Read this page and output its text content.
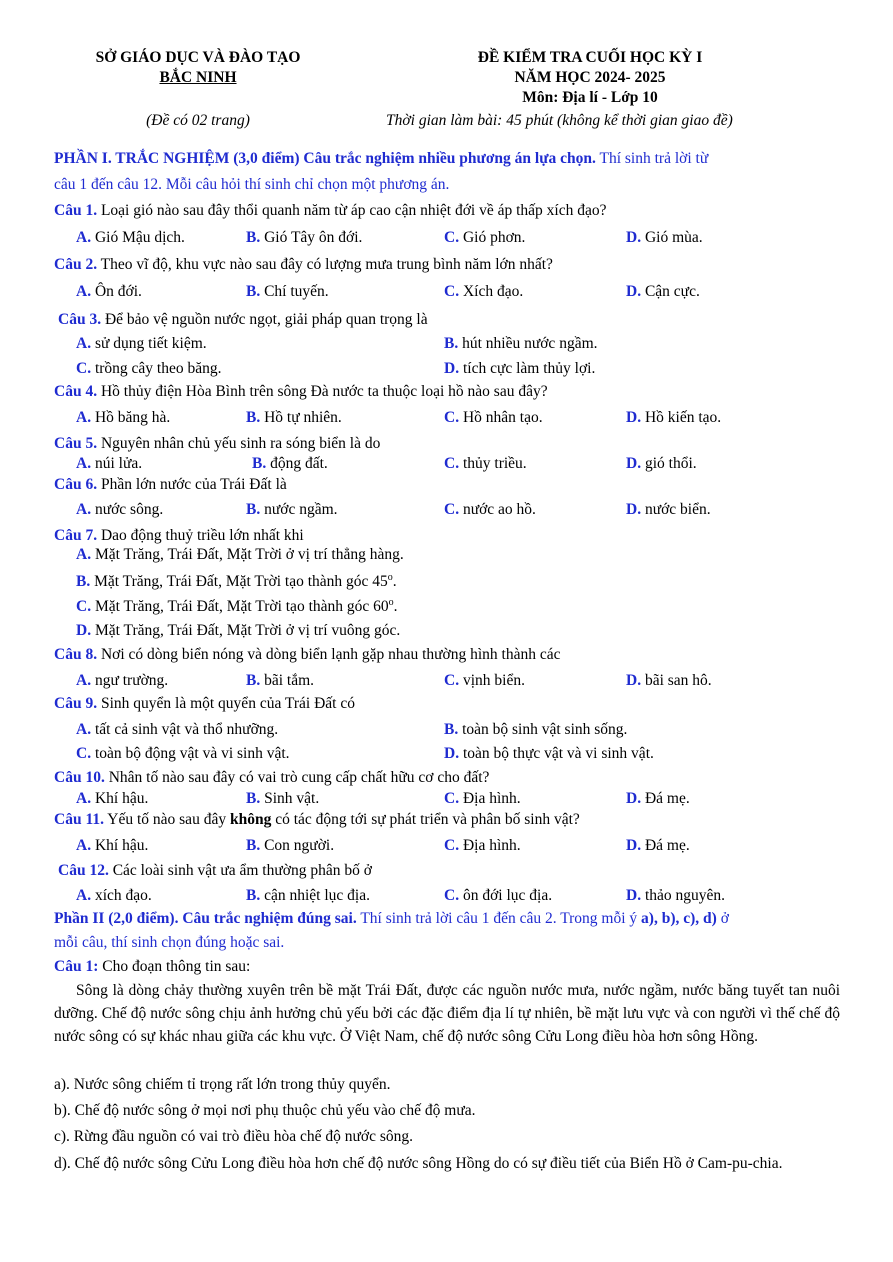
SỞ GIÁO DỤC VÀ ĐÀO TẠO
BẮC NINH
ĐỀ KIỂM TRA CUỐI HỌC KỲ I
NĂM HỌC 2024- 2025
Môn: Địa lí - Lớp 10
(Đề có 02 trang)	Thời gian làm bài: 45 phút (không kể thời gian giao đề)
PHẦN I. TRẮC NGHIỆM (3,0 điểm) Câu trắc nghiệm nhiều phương án lựa chọn. Thí sinh trả lời từ
câu 1 đến câu 12. Mỗi câu hỏi thí sinh chỉ chọn một phương án.
Câu 1. Loại gió nào sau đây thổi quanh năm từ áp cao cận nhiệt đới về áp thấp xích đạo?
A. Gió Mậu dịch.	B. Gió Tây ôn đới.	C. Gió phơn.	D. Gió mùa.
Câu 2. Theo vĩ độ, khu vực nào sau đây có lượng mưa trung bình năm lớn nhất?
A. Ôn đới.	B. Chí tuyến.	C. Xích đạo.	D. Cận cực.
Câu 3. Để bảo vệ nguồn nước ngọt, giải pháp quan trọng là
A. sử dụng tiết kiệm.	B. hút nhiều nước ngầm.
C. trồng cây theo băng.	D. tích cực làm thủy lợi.
Câu 4. Hồ thủy điện Hòa Bình trên sông Đà nước ta thuộc loại hồ nào sau đây?
A. Hồ băng hà.	B. Hồ tự nhiên.	C. Hồ nhân tạo.	D. Hồ kiến tạo.
Câu 5. Nguyên nhân chủ yếu sinh ra sóng biển là do
A. núi lửa.	B. động đất.	C. thủy triều.	D. gió thổi.
Câu 6. Phần lớn nước của Trái Đất là
A. nước sông.	B. nước ngầm.	C. nước ao hồ.	D. nước biển.
Câu 7. Dao động thuỷ triều lớn nhất khi
A. Mặt Trăng, Trái Đất, Mặt Trời ở vị trí thẳng hàng.
B. Mặt Trăng, Trái Đất, Mặt Trời tạo thành góc 45$^o$.
C. Mặt Trăng, Trái Đất, Mặt Trời tạo thành góc 60$^o$.
D. Mặt Trăng, Trái Đất, Mặt Trời ở vị trí vuông góc.
Câu 8. Nơi có dòng biển nóng và dòng biển lạnh gặp nhau thường hình thành các
A. ngư trường.	B. bãi tắm.	C. vịnh biển.	D. bãi san hô.
Câu 9. Sinh quyển là một quyển của Trái Đất có
A. tất cả sinh vật và thổ nhưỡng.	B. toàn bộ sinh vật sinh sống.
C. toàn bộ động vật và vi sinh vật.	D. toàn bộ thực vật và vi sinh vật.
Câu 10. Nhân tố nào sau đây có vai trò cung cấp chất hữu cơ cho đất?
A. Khí hậu.	B. Sinh vật.	C. Địa hình.	D. Đá mẹ.
Câu 11. Yếu tố nào sau đây không có tác động tới sự phát triển và phân bố sinh vật?
A. Khí hậu.	B. Con người.	C. Địa hình.	D. Đá mẹ.
Câu 12. Các loài sinh vật ưa ẩm thường phân bố ở
A. xích đạo.	B. cận nhiệt lục địa.	C. ôn đới lục địa.	D. thảo nguyên.
Phần II (2,0 điểm). Câu trắc nghiệm đúng sai. Thí sinh trả lời câu 1 đến câu 2. Trong mỗi ý a), b), c), d) ở
mỗi câu, thí sinh chọn đúng hoặc sai.
Câu 1: Cho đoạn thông tin sau:
Sông là dòng chảy thường xuyên trên bề mặt Trái Đất, được các nguồn nước mưa, nước ngầm, nước băng tuyết tan nuôi dưỡng. Chế độ nước sông chịu ảnh hưởng chủ yếu bởi các đặc điểm địa lí tự nhiên, bề mặt lưu vực và con người vì thế chế độ nước sông có sự khác nhau giữa các khu vực. Ở Việt Nam, chế độ nước sông Cửu Long điều hòa hơn sông Hồng.
a). Nước sông chiếm tỉ trọng rất lớn trong thủy quyển.
b). Chế độ nước sông ở mọi nơi phụ thuộc chủ yếu vào chế độ mưa.
c). Rừng đầu nguồn có vai trò điều hòa chế độ nước sông.
d). Chế độ nước sông Cửu Long điều hòa hơn chế độ nước sông Hồng do có sự điều tiết của Biển Hồ ở Cam-pu-chia.
